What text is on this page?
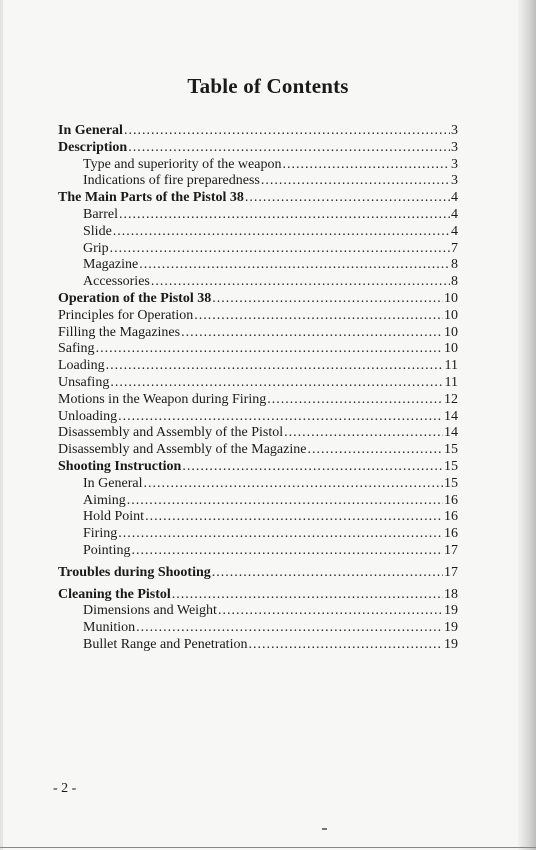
Table of Contents
In General .....	3
Description .....	3
Type and superiority of the weapon .....	3
Indications of fire preparedness .....	3
The Main Parts of the Pistol 38 .....	4
Barrel .....	4
Slide .....	4
Grip .....	7
Magazine .....	8
Accessories .....	8
Operation of the Pistol 38 .....	10
Principles for Operation .....	10
Filling the Magazines .....	10
Safing .....	10
Loading .....	11
Unsafing .....	11
Motions in the Weapon during Firing .....	12
Unloading .....	14
Disassembly and Assembly of the Pistol .....	14
Disassembly and Assembly of the Magazine .....	15
Shooting Instruction .....	15
In General .....	15
Aiming .....	16
Hold Point .....	16
Firing .....	16
Pointing .....	17
Troubles during Shooting .....	17
Cleaning the Pistol .....	18
Dimensions and Weight .....	19
Munition .....	19
Bullet Range and Penetration .....	19
- 2 -
